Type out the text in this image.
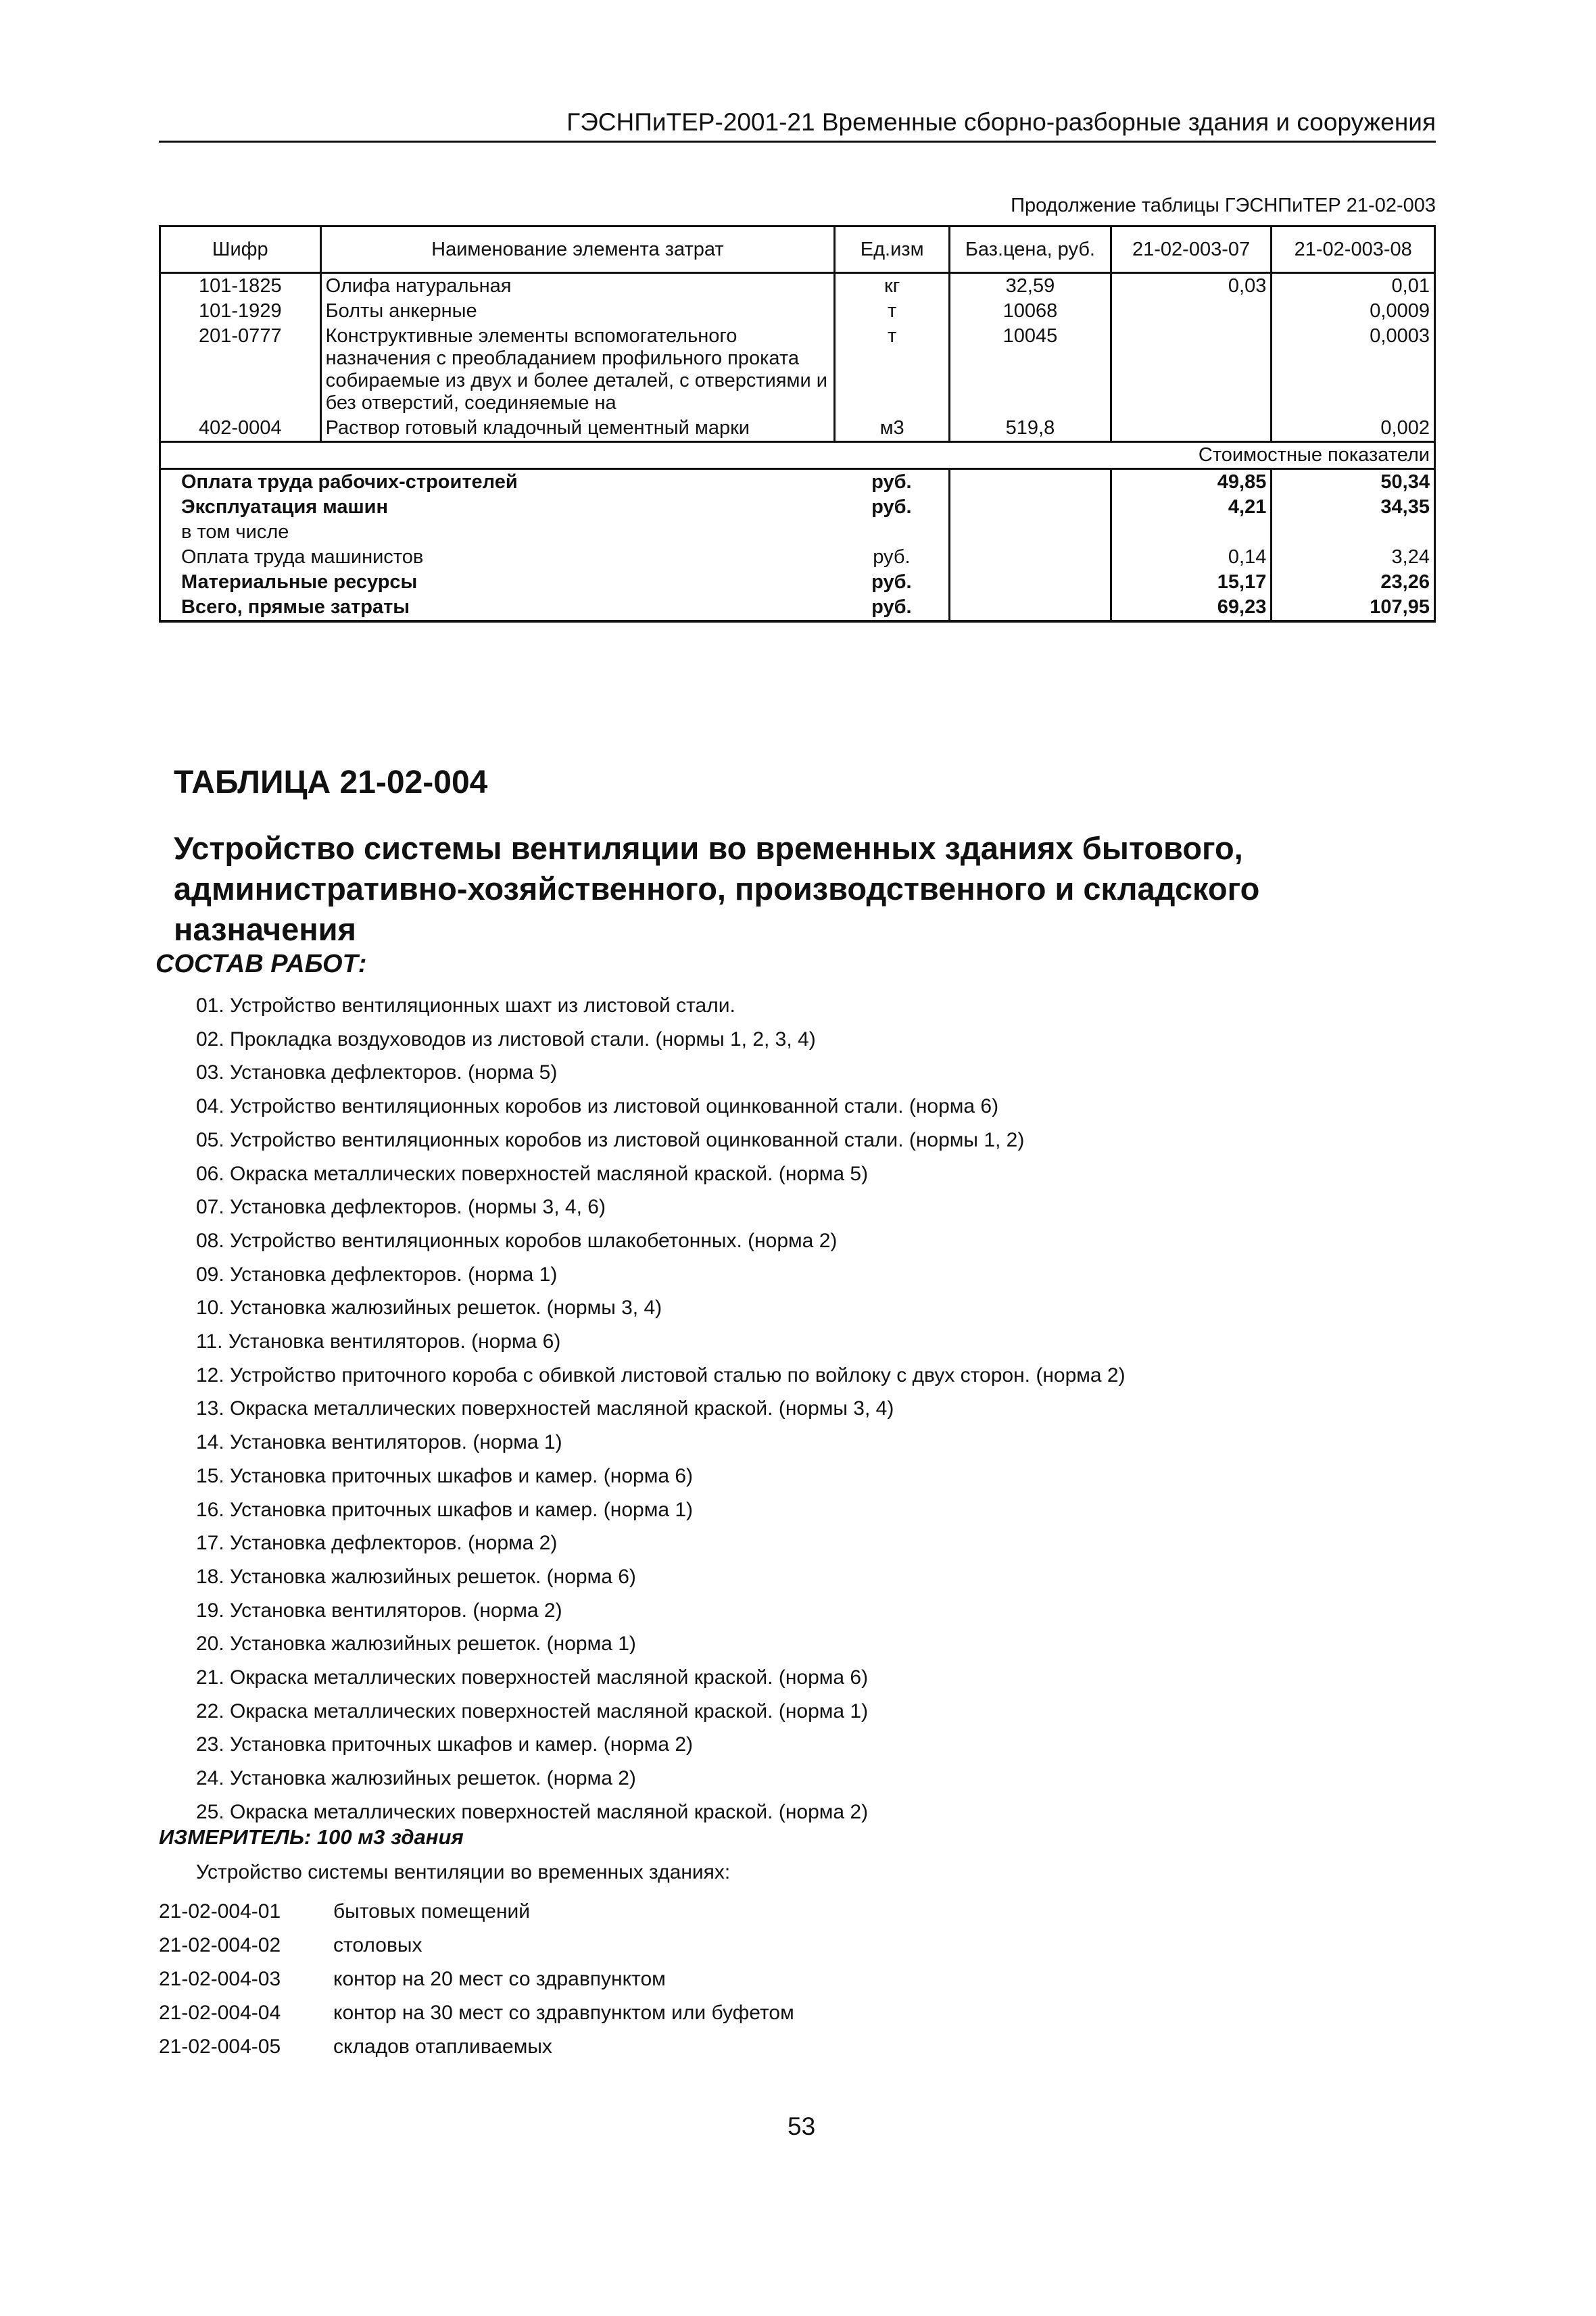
ГЭСНПиТЕР-2001-21 Временные сборно-разборные здания и сооружения
Продолжение таблицы ГЭСНПиТЕР 21-02-003
Шифр	Наименование элемента затрат	Ед.изм	Баз.цена, руб.	21-02-003-07	21-02-003-08
101-1825	Олифа натуральная	кг	32,59	0,03	0,01
101-1929	Болты анкерные	т	10068		0,0009
201-0777	Конструктивные элементы вспомогательного назначения с преобладанием профильного проката собираемые из двух и более деталей, с отверстиями и без отверстий, соединяемые на	т	10045		0,0003
402-0004	Раствор готовый кладочный цементный марки	м3	519,8		0,002
Стоимостные показатели					
Оплата труда рабочих-строителей		руб.		49,85	50,34
Эксплуатация машин		руб.		4,21	34,35
в том числе					
Оплата труда машинистов		руб.		0,14	3,24
Материальные ресурсы		руб.		15,17	23,26
Всего, прямые затраты		руб.		69,23	107,95
ТАБЛИЦА 21-02-004
Устройство системы вентиляции во временных зданиях бытового, административно-хозяйственного, производственного и складского назначения
СОСТАВ РАБОТ:
01. Устройство вентиляционных шахт из листовой стали.
02. Прокладка воздуховодов из листовой стали. (нормы 1, 2, 3, 4)
03. Установка дефлекторов. (норма 5)
04. Устройство вентиляционных коробов из листовой оцинкованной стали. (норма 6)
05. Устройство вентиляционных коробов из листовой оцинкованной стали. (нормы 1, 2)
06. Окраска металлических поверхностей масляной краской. (норма 5)
07. Установка дефлекторов. (нормы 3, 4, 6)
08. Устройство вентиляционных коробов шлакобетонных. (норма 2)
09. Установка дефлекторов. (норма 1)
10. Установка жалюзийных решеток. (нормы 3, 4)
11. Установка вентиляторов. (норма 6)
12. Устройство приточного короба с обивкой листовой сталью по войлоку с двух сторон. (норма 2)
13. Окраска металлических поверхностей масляной краской. (нормы 3, 4)
14. Установка вентиляторов. (норма 1)
15. Установка приточных шкафов и камер. (норма 6)
16. Установка приточных шкафов и камер. (норма 1)
17. Установка дефлекторов. (норма 2)
18. Установка жалюзийных решеток. (норма 6)
19. Установка вентиляторов. (норма 2)
20. Установка жалюзийных решеток. (норма 1)
21. Окраска металлических поверхностей масляной краской. (норма 6)
22. Окраска металлических поверхностей масляной краской. (норма 1)
23. Установка приточных шкафов и камер. (норма 2)
24. Установка жалюзийных решеток. (норма 2)
25. Окраска металлических поверхностей масляной краской. (норма 2)
ИЗМЕРИТЕЛЬ: 100 м3 здания
Устройство системы вентиляции во временных зданиях:
21-02-004-01	бытовых помещений
21-02-004-02	столовых
21-02-004-03	контор на 20 мест со здравпунктом
21-02-004-04	контор на 30 мест со здравпунктом или буфетом
21-02-004-05	складов отапливаемых
53
